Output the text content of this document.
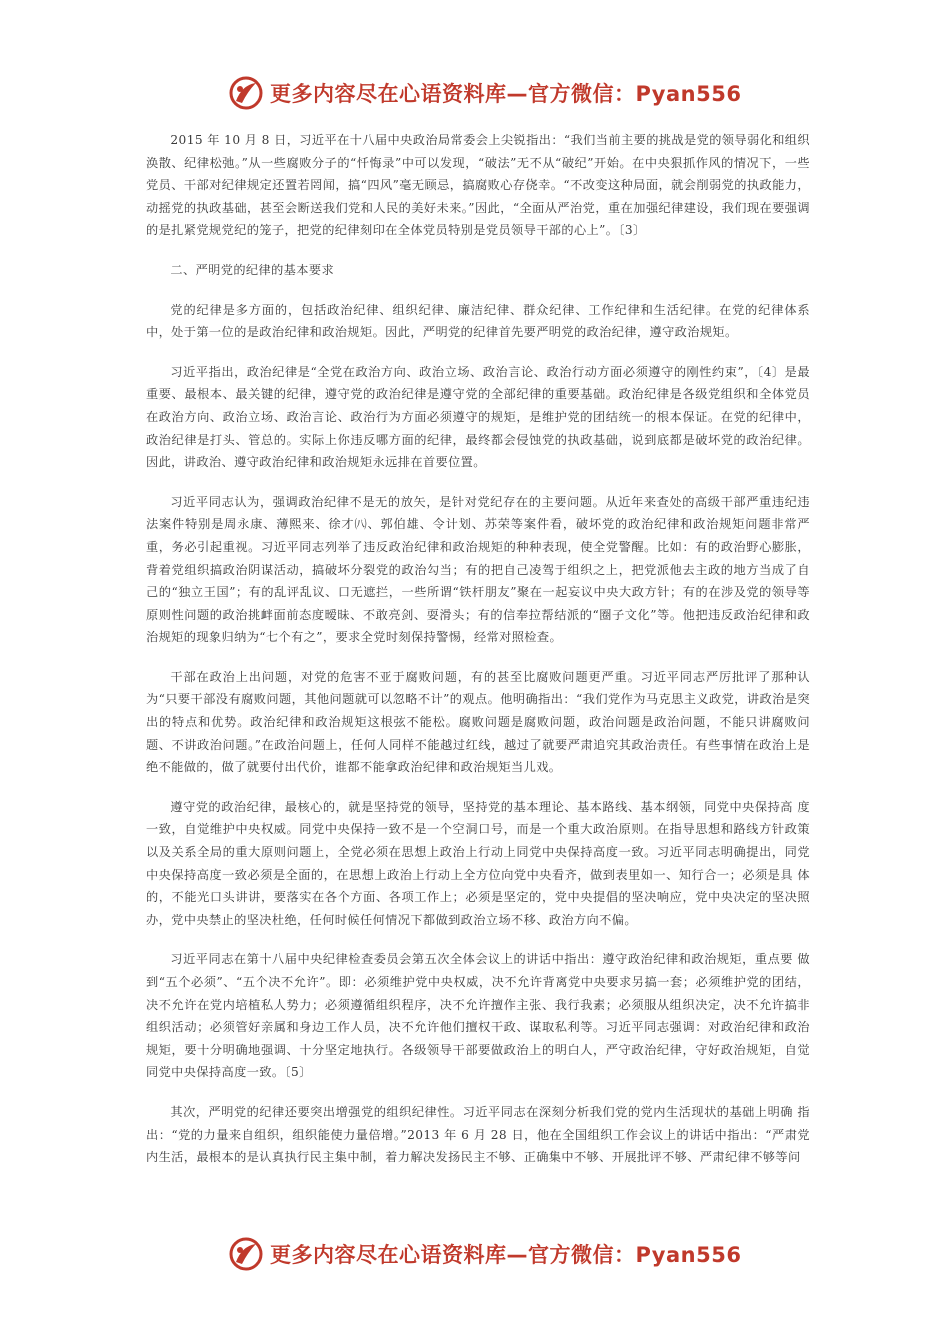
更多内容尽在心语资料库—官方微信：Pyan556

2015 年 10 月 8 日，习近平在十八届中央政治局常委会上尖锐指出：“我们当前主要的挑战是党的领导弱化和组织涣散、纪律松弛。”从一些腐败分子的“忏悔录”中可以发现，“破法”无不从“破纪”开始。在中央狠抓作风的情况下，一些党员、干部对纪律规定还置若罔闻，搞“四风”毫无顾忌，搞腐败心存侥幸。“不改变这种局面，就会削弱党的执政能力，动摇党的执政基础，甚至会断送我们党和人民的美好未来。”因此，“全面从严治党，重在加强纪律建设，我们现在要强调的是扎紧党规党纪的笼子，把党的纪律刻印在全体党员特别是党员领导干部的心上”。〔3〕

二、严明党的纪律的基本要求

党的纪律是多方面的，包括政治纪律、组织纪律、廉洁纪律、群众纪律、工作纪律和生活纪律。在党的纪律体系中，处于第一位的是政治纪律和政治规矩。因此，严明党的纪律首先要严明党的政治纪律，遵守政治规矩。

习近平指出，政治纪律是“全党在政治方向、政治立场、政治言论、政治行动方面必须遵守的刚性约束”，〔4〕是最重要、最根本、最关键的纪律，遵守党的政治纪律是遵守党的全部纪律的重要基础。政治纪律是各级党组织和全体党员在政治方向、政治立场、政治言论、政治行为方面必须遵守的规矩，是维护党的团结统一的根本保证。在党的纪律中， 政治纪律是打头、管总的。实际上你违反哪方面的纪律，最终都会侵蚀党的执政基础，说到底都是破坏党的政治纪律。因此，讲政治、遵守政治纪律和政治规矩永远排在首要位置。

习近平同志认为，强调政治纪律不是无的放矢，是针对党纪存在的主要问题。从近年来查处的高级干部严重违纪违法案件特别是周永康、薄熙来、徐才㈧、郭伯雄、令计划、苏荣等案件看，破坏党的政治纪律和政治规矩问题非常严重，务必引起重视。习近平同志列举了违反政治纪律和政治规矩的种种表现，使全党警醒。比如：有的政治野心膨胀， 背着党组织搞政治阴谋活动，搞破坏分裂党的政治勾当；有的把自己凌驾于组织之上，把党派他去主政的地方当成了自己的“独立王国”；有的乱评乱议、口无遮拦，一些所谓“铁杆朋友”聚在一起妄议中央大政方针；有的在涉及党的领导等原则性问题的政治挑衅面前态度暧昧、不敢亮剑、耍滑头；有的信奉拉帮结派的“圈子文化”等。他把违反政治纪律和政治规矩的现象归纳为“七个有之”，要求全党时刻保持警惕，经常对照检查。

干部在政治上出问题，对党的危害不亚于腐败问题，有的甚至比腐败问题更严重。习近平同志严厉批评了那种认 为“只要干部没有腐败问题，其他问题就可以忽略不计”的观点。他明确指出：“我们党作为马克思主义政党，讲政治是突出的特点和优势。政治纪律和政治规矩这根弦不能松。腐败问题是腐败问题，政治问题是政治问题，不能只讲腐败问题、不讲政治问题。”在政治问题上，任何人同样不能越过红线，越过了就要严肃追究其政治责任。有些事情在政治上是绝不能做的，做了就要付出代价，谁都不能拿政治纪律和政治规矩当儿戏。

遵守党的政治纪律，最核心的，就是坚持党的领导，坚持党的基本理论、基本路线、基本纲领，同党中央保持高 度一致，自觉维护中央权威。同党中央保持一致不是一个空洞口号，而是一个重大政治原则。在指导思想和路线方针政策以及关系全局的重大原则问题上，全党必须在思想上政治上行动上同党中央保持高度一致。习近平同志明确提出，同党中央保持高度一致必须是全面的，在思想上政治上行动上全方位向党中央看齐，做到表里如一、知行合一；必须是具 体的，不能光口头讲讲，要落实在各个方面、各项工作上；必须是坚定的，党中央提倡的坚决响应，党中央决定的坚决照办，党中央禁止的坚决杜绝，任何时候任何情况下都做到政治立场不移、政治方向不偏。

习近平同志在第十八届中央纪律检查委员会第五次全体会议上的讲话中指出：遵守政治纪律和政治规矩，重点要 做到“五个必须”、“五个决不允许”。即：必须维护党中央权威，决不允许背离党中央要求另搞一套；必须维护党的团结， 决不允许在党内培植私人势力；必须遵循组织程序，决不允许擅作主张、我行我素；必须服从组织决定，决不允许搞非组织活动；必须管好亲属和身边工作人员，决不允许他们擅权干政、谋取私利等。习近平同志强调：对政治纪律和政治规矩，要十分明确地强调、十分坚定地执行。各级领导干部要做政治上的明白人，严守政治纪律，守好政治规矩，自觉同党中央保持高度一致。〔5〕

其次，严明党的纪律还要突出增强党的组织纪律性。习近平同志在深刻分析我们党的党内生活现状的基础上明确 指出：“党的力量来自组织，组织能使力量倍增。”2013 年 6 月 28 日，他在全国组织工作会议上的讲话中指出：“严肃党内生活，最根本的是认真执行民主集中制，着力解决发扬民主不够、正确集中不够、开展批评不够、严肃纪律不够等问

更多内容尽在心语资料库—官方微信：Pyan556
